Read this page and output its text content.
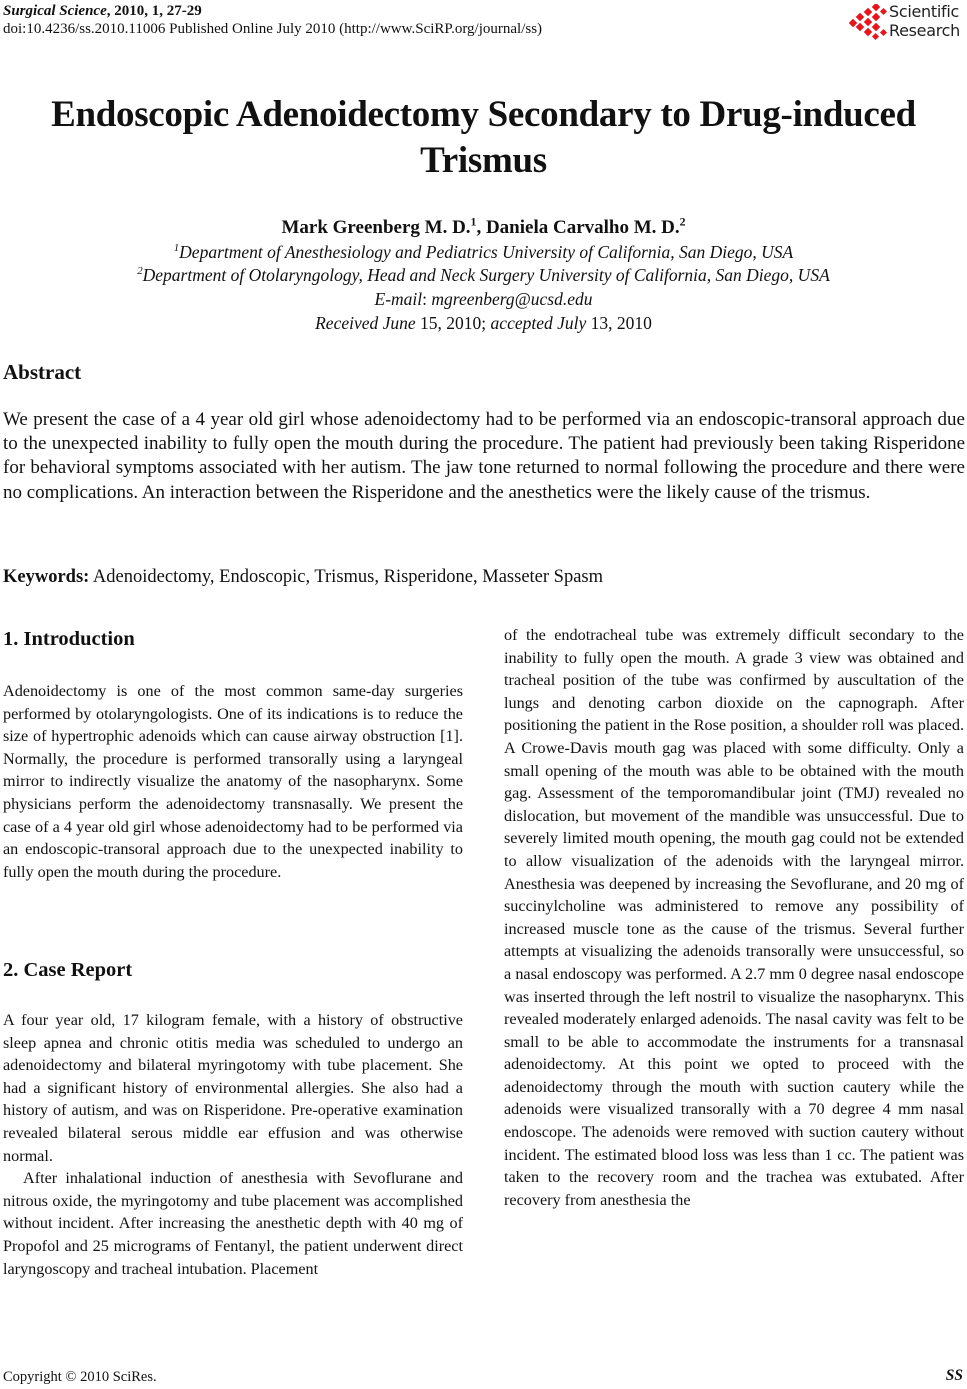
Surgical Science, 2010, 1, 27-29
doi:10.4236/ss.2010.11006 Published Online July 2010 (http://www.SciRP.org/journal/ss)
Scientific
Research
Endoscopic Adenoidectomy Secondary to Drug-induced
Trismus
Mark Greenberg M. D.$^1$, Daniela Carvalho M. D.$^2$
$^1$Department of Anesthesiology and Pediatrics University of California, San Diego, USA
$^2$Department of Otolaryngology, Head and Neck Surgery University of California, San Diego, USA
E-mail: mgreenberg@ucsd.edu
Received June 15, 2010; accepted July 13, 2010
Abstract
We present the case of a 4 year old girl whose adenoidectomy had to be performed via an endoscopic-transoral approach due to the unexpected inability to fully open the mouth during the procedure. The patient had previously been taking Risperidone for behavioral symptoms associated with her autism. The jaw tone returned to normal following the procedure and there were no complications. An interaction between the Risperidone and the anesthetics were the likely cause of the trismus.
Keywords: Adenoidectomy, Endoscopic, Trismus, Risperidone, Masseter Spasm
1. Introduction

Adenoidectomy is one of the most common same-day surgeries performed by otolaryngologists. One of its indications is to reduce the size of hypertrophic adenoids which can cause airway obstruction [1]. Normally, the procedure is performed transorally using a laryngeal mirror to indirectly visualize the anatomy of the nasopharynx. Some physicians perform the adenoidectomy transnasally. We present the case of a 4 year old girl whose adenoidectomy had to be performed via an endoscopic-transoral approach due to the unexpected inability to fully open the mouth during the procedure.

2. Case Report

A four year old, 17 kilogram female, with a history of obstructive sleep apnea and chronic otitis media was scheduled to undergo an adenoidectomy and bilateral myringotomy with tube placement. She had a significant history of environmental allergies. She also had a history of autism, and was on Risperidone. Pre-operative examination revealed bilateral serous middle ear effusion and was otherwise normal.

After inhalational induction of anesthesia with Sevoflurane and nitrous oxide, the myringotomy and tube placement was accomplished without incident. After increasing the anesthetic depth with 40 mg of Propofol and 25 micrograms of Fentanyl, the patient underwent direct laryngoscopy and tracheal intubation. Placement

of the endotracheal tube was extremely difficult secondary to the inability to fully open the mouth. A grade 3 view was obtained and tracheal position of the tube was confirmed by auscultation of the lungs and denoting carbon dioxide on the capnograph. After positioning the patient in the Rose position, a shoulder roll was placed. A Crowe-Davis mouth gag was placed with some difficulty. Only a small opening of the mouth was able to be obtained with the mouth gag. Assessment of the temporomandibular joint (TMJ) revealed no dislocation, but movement of the mandible was unsuccessful. Due to severely limited mouth opening, the mouth gag could not be extended to allow visualization of the adenoids with the laryngeal mirror. Anesthesia was deepened by increasing the Sevoflurane, and 20 mg of succinylcholine was administered to remove any possibility of increased muscle tone as the cause of the trismus. Several further attempts at visualizing the adenoids transorally were unsuccessful, so a nasal endoscopy was performed. A 2.7 mm 0 degree nasal endoscope was inserted through the left nostril to visualize the nasopharynx. This revealed moderately enlarged adenoids. The nasal cavity was felt to be small to be able to accommodate the instruments for a transnasal adenoidectomy. At this point we opted to proceed with the adenoidectomy through the mouth with suction cautery while the adenoids were visualized transorally with a 70 degree 4 mm nasal endoscope. The adenoids were removed with suction cautery without incident. The estimated blood loss was less than 1 cc. The patient was taken to the recovery room and the trachea was extubated. After recovery from anesthesia the

Copyright © 2010 SciRes.	SS
